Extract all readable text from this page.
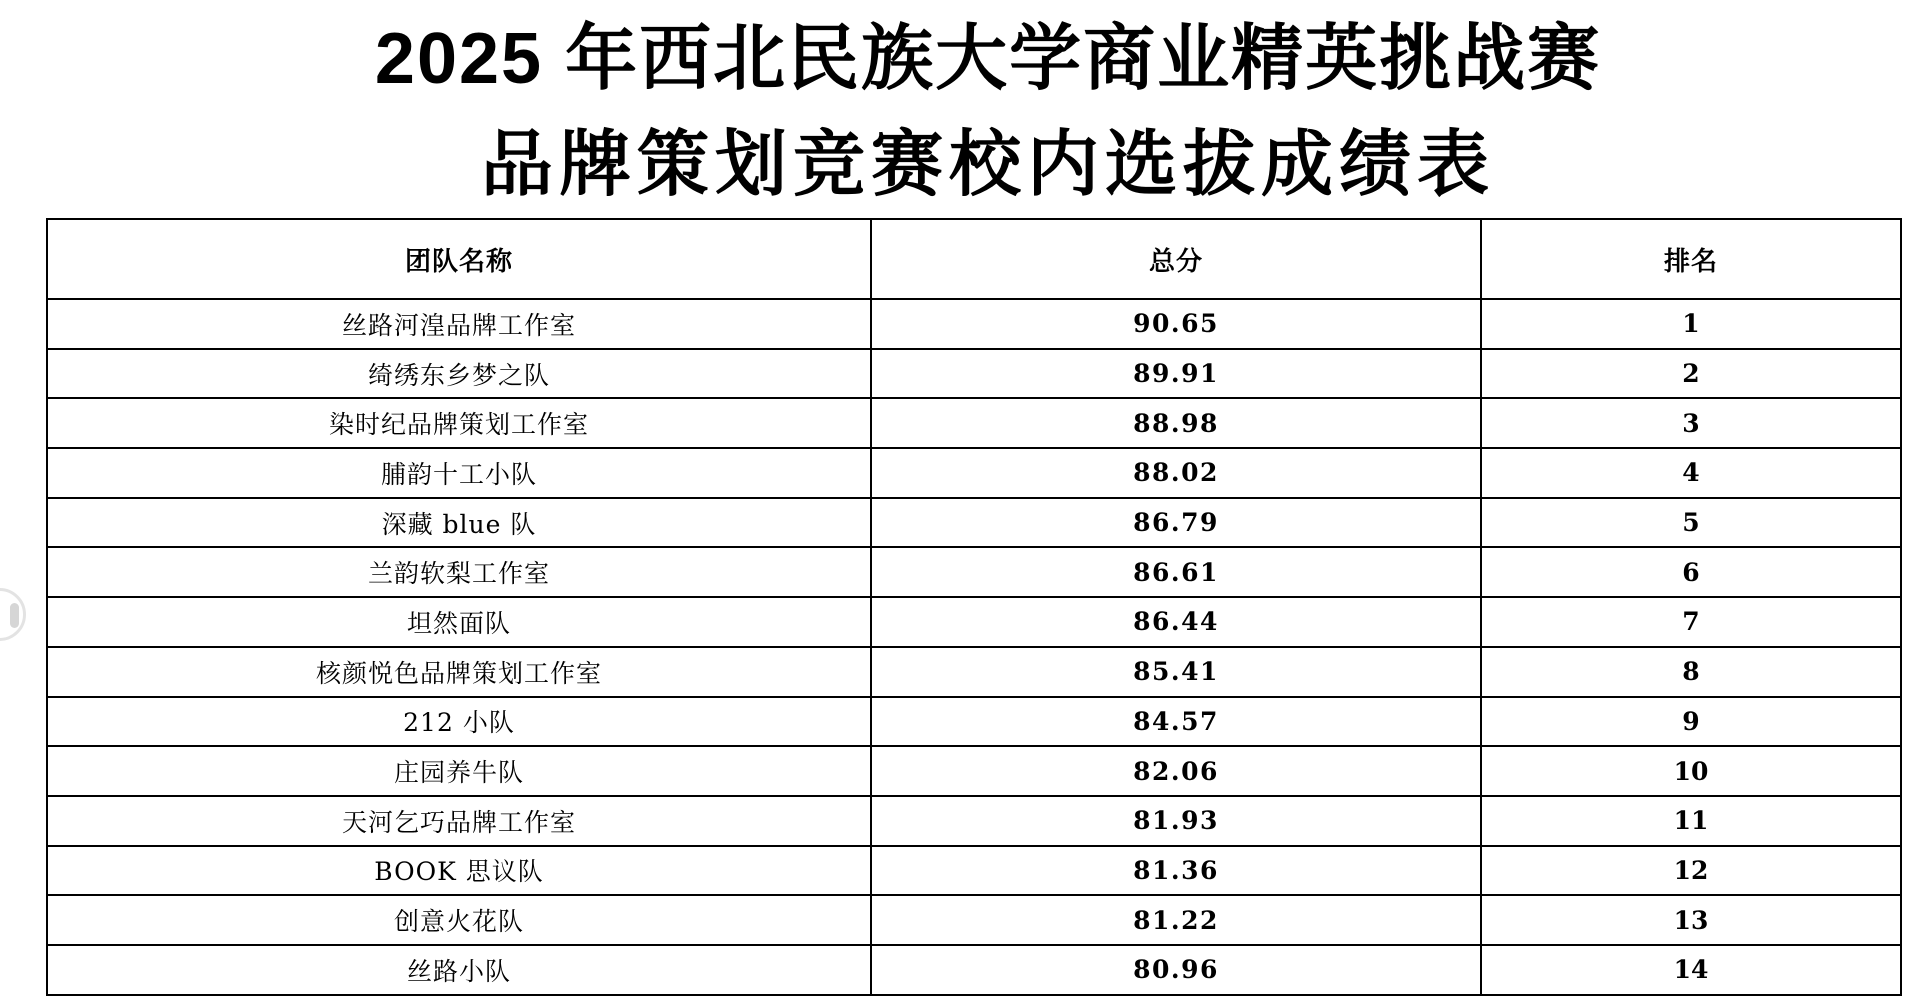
2025 年西北民族大学商业精英挑战赛
品牌策划竞赛校内选拔成绩表
团队名称	总分	排名
丝路河湟品牌工作室	90.65	1
绮绣东乡梦之队	89.91	2
染时纪品牌策划工作室	88.98	3
脯韵十工小队	88.02	4
深藏 blue 队	86.79	5
兰韵软梨工作室	86.61	6
坦然面队	86.44	7
核颜悦色品牌策划工作室	85.41	8
212 小队	84.57	9
庄园养牛队	82.06	10
天河乞巧品牌工作室	81.93	11
BOOK 思议队	81.36	12
创意火花队	81.22	13
丝路小队	80.96	14
